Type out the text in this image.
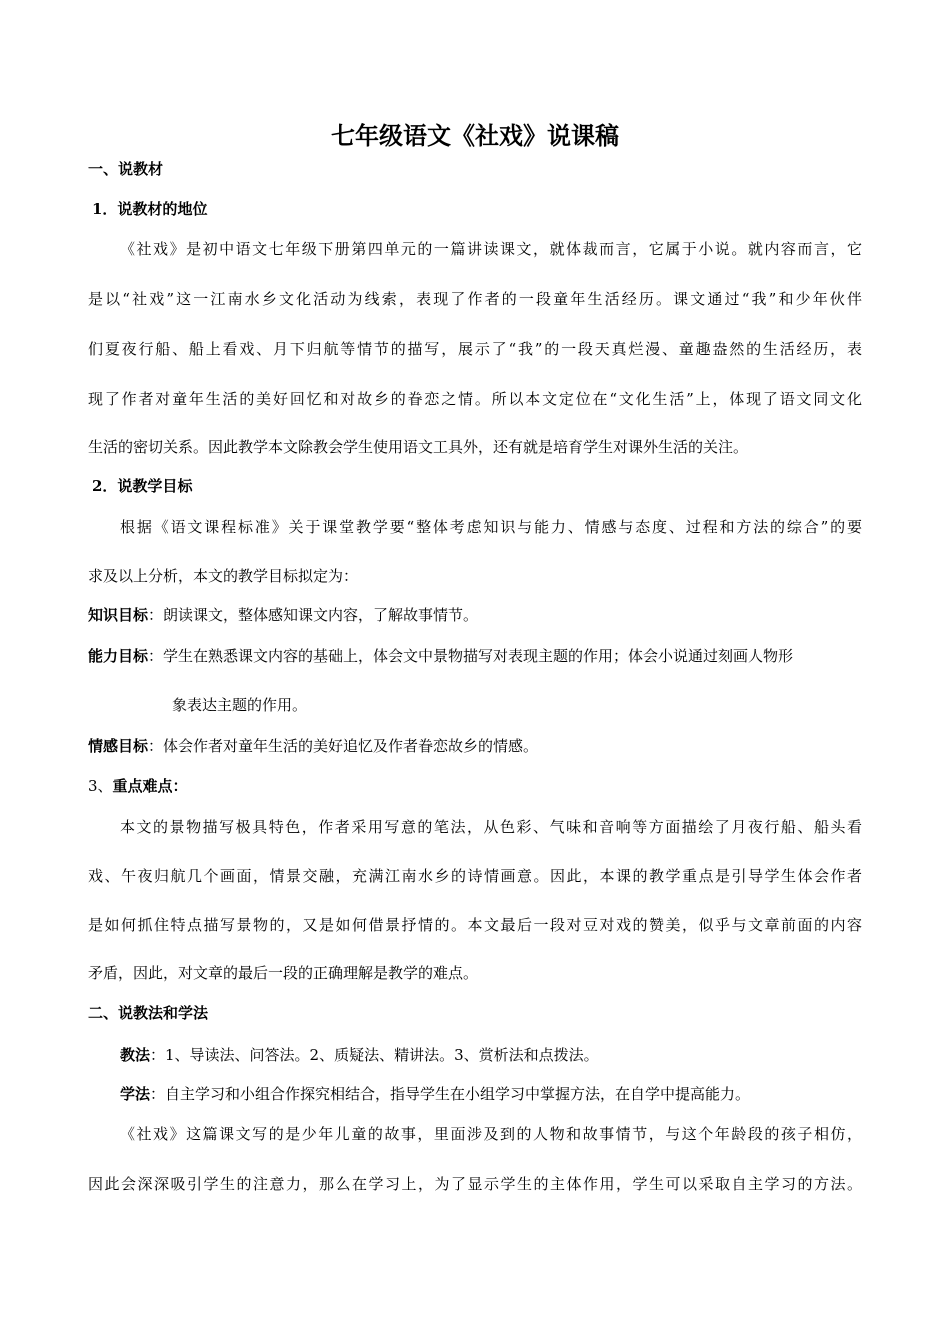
七年级语文《社戏》说课稿
一、说教材
1．说教材的地位
《社戏》是初中语文七年级下册第四单元的一篇讲读课文，就体裁而言，它属于小说。就内容而言，它
是以“社戏”这一江南水乡文化活动为线索，表现了作者的一段童年生活经历。课文通过“我”和少年伙伴
们夏夜行船、船上看戏、月下归航等情节的描写，展示了“我”的一段天真烂漫、童趣盎然的生活经历，表
现了作者对童年生活的美好回忆和对故乡的眷恋之情。所以本文定位在“文化生活”上，体现了语文同文化
生活的密切关系。因此教学本文除教会学生使用语文工具外，还有就是培育学生对课外生活的关注。
2．说教学目标
根据《语文课程标准》关于课堂教学要“整体考虑知识与能力、情感与态度、过程和方法的综合”的要
求及以上分析，本文的教学目标拟定为：
知识目标：朗读课文，整体感知课文内容，了解故事情节。
能力目标：学生在熟悉课文内容的基础上，体会文中景物描写对表现主题的作用；体会小说通过刻画人物形
象表达主题的作用。
情感目标：体会作者对童年生活的美好追忆及作者眷恋故乡的情感。
3、重点难点：
本文的景物描写极具特色，作者采用写意的笔法，从色彩、气味和音响等方面描绘了月夜行船、船头看
戏、午夜归航几个画面，情景交融，充满江南水乡的诗情画意。因此，本课的教学重点是引导学生体会作者
是如何抓住特点描写景物的，又是如何借景抒情的。本文最后一段对豆对戏的赞美，似乎与文章前面的内容
矛盾，因此，对文章的最后一段的正确理解是教学的难点。
二、说教法和学法
教法：1、导读法、问答法。2、质疑法、精讲法。3、赏析法和点拨法。
学法：自主学习和小组合作探究相结合，指导学生在小组学习中掌握方法，在自学中提高能力。
《社戏》这篇课文写的是少年儿童的故事，里面涉及到的人物和故事情节，与这个年龄段的孩子相仿，
因此会深深吸引学生的注意力，那么在学习上，为了显示学生的主体作用，学生可以采取自主学习的方法。
